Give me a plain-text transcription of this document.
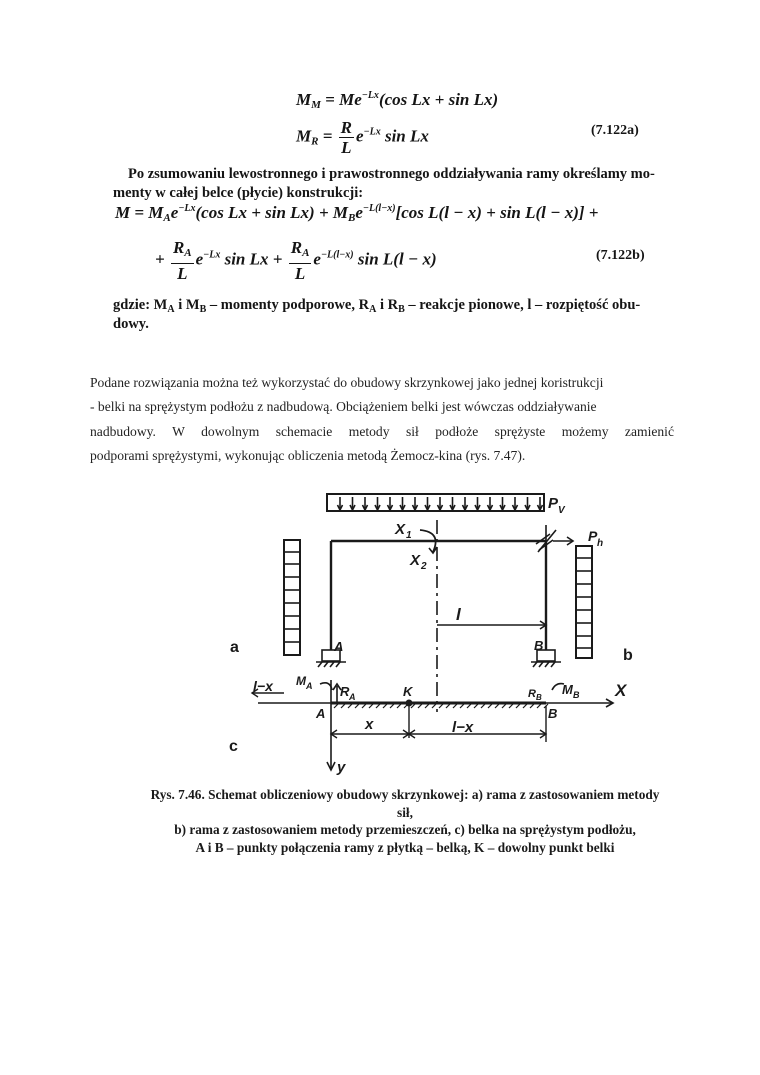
$M_M = Me^{-Lx}(\cos$ Lx + sin Lx)
$M_R = \frac{R}{L} e^{-Lx}$ sin Lx	(7.122a)
Po zsumowaniu lewostronnego i prawostronnego oddziaływania ramy określamy mo-
menty w całej belce (płycie) konstrukcji:
$M = M_Ae^{-Lx}(\cos$ $Lx + \sin Lx) + M_Be^{-L(l-x)}[\cos$ L(l − x) + sin L(l − x)] +
+ $\frac{R_A}{L} e^{-Lx}$ $\sin Lx + \frac{R_A}{L} e^{-L(l-x)}$ sin L(l − x)	(7.122b)
gdzie: $M_A$ i $M_B$ – momenty podporowe, $R_A$ i $R_B$ – reakcje pionowe, l – rozpiętość obu-
dowy.
Podane rozwiązania można też wykorzystać do obudowy skrzynkowej jako jednej koristrukcji
- belki na sprężystym podłożu z nadbudową. Obciążeniem belki jest wówczas oddziaływanie
nadbudowy. W dowolnym schemacie metody sił podłoże sprężyste możemy zamienić
podporami sprężystymi, wykonując obliczenia metodą Żemocz-kina (rys. 7.47).
P V
P h
X 1
X 2
l
A	B
l−x M A R A	K	R B
M B X
A	B
x	l−x
y
a	b
c
Rys. 7.46. Schemat obliczeniowy obudowy skrzynkowej: a) rama z zastosowaniem metody sił,
b) rama z zastosowaniem metody przemieszczeń, c) belka na sprężystym podłożu,
A i B – punkty połączenia ramy z płytką – belką, K – dowolny punkt belki
